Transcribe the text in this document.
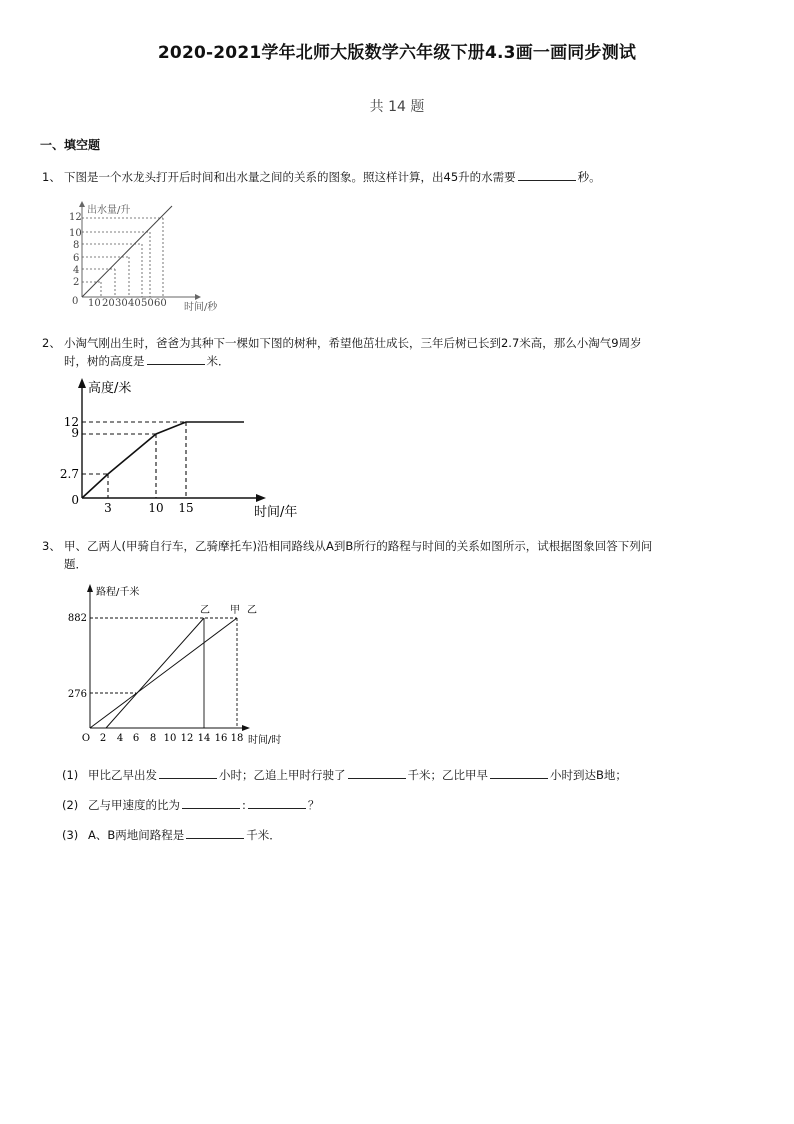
2020-2021学年北师大版数学六年级下册4.3画一画同步测试
共 14 题
一、填空题
1、 下图是一个水龙头打开后时间和出水量之间的关系的图象。照这样计算，出45升的水需要	秒。
12
10
8
6
4
2
0 10 20 30 40 50 60
出水量/升
时间/秒
2、 小淘气刚出生时，爸爸为其种下一棵如下图的树种，希望他茁壮成长，三年后树已长到2.7米高，那么小淘气9周岁
时，树的高度是	米．
高度/米
时间/年
12
9
2.7
0
3	10 15
3、 甲、乙两人(甲骑自行车，乙骑摩托车)沿相同路线从A到B所行的路程与时间的关系如图所示，试根据图象回答下列问
题．
路程/千米
时间/时
882
276
O 2 4 6 8 10 12 14 16 18
乙 甲 乙
(1) 甲比乙早出发	小时；乙追上甲时行驶了	千米；乙比甲早	小时到达B地；
(2) 乙与甲速度的比为	:	？
(3) A、B两地间路程是	千米．
